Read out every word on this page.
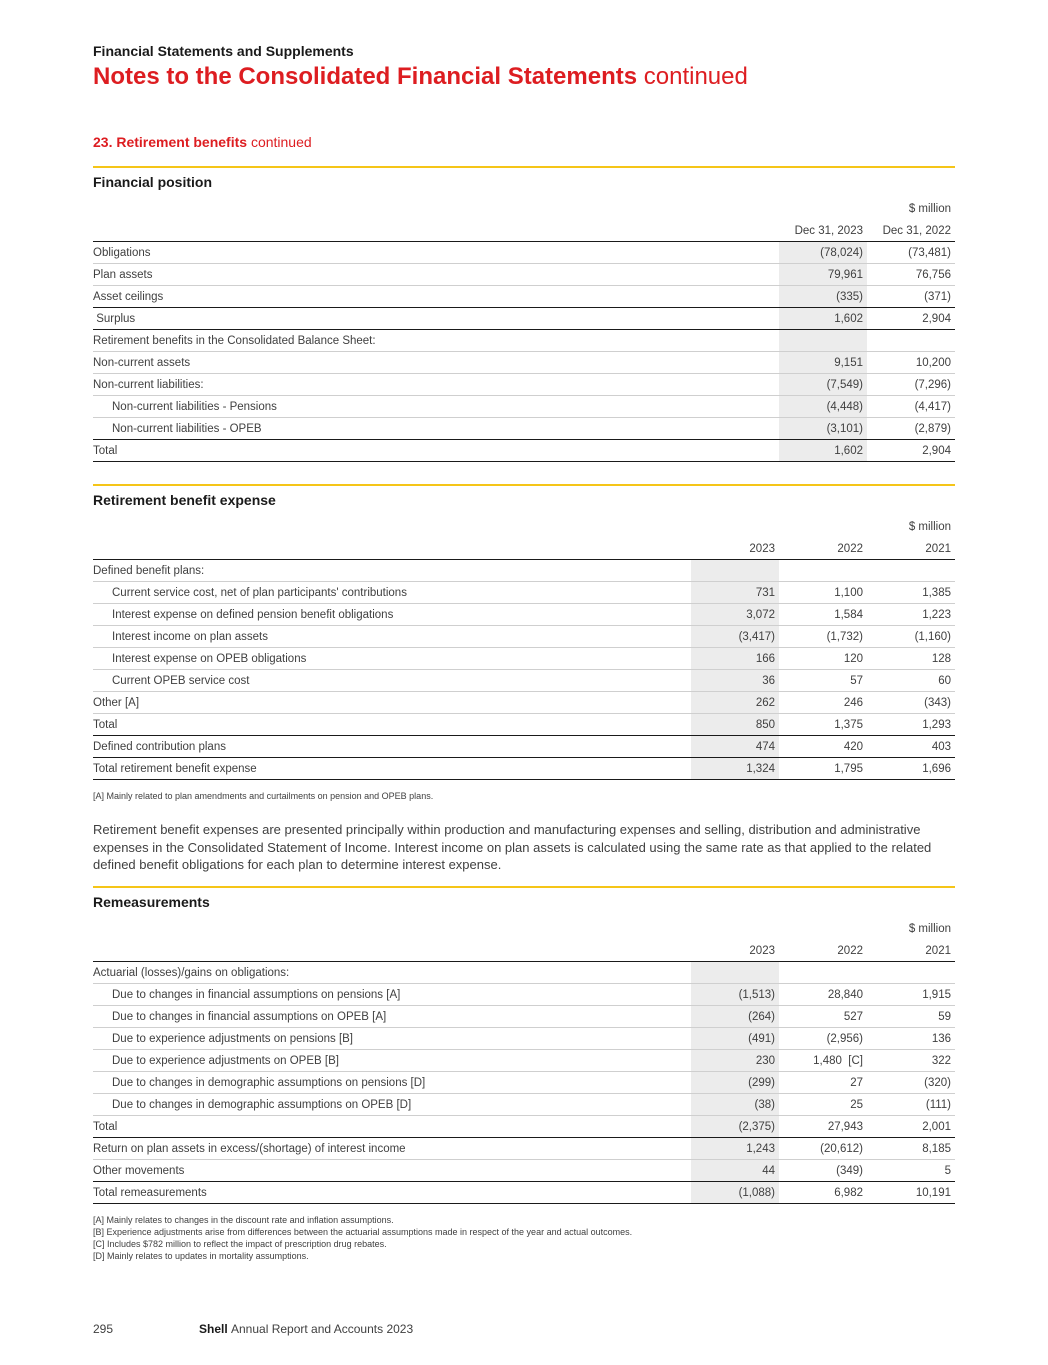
Financial Statements and Supplements
Notes to the Consolidated Financial Statements continued
23. Retirement benefits continued
Financial position
		$ million
	Dec 31, 2023	Dec 31, 2022
Obligations	(78,024)	(73,481)
Plan assets	79,961	76,756
Asset ceilings	(335)	(371)
Surplus	1,602	2,904
Retirement benefits in the Consolidated Balance Sheet:		
Non-current assets	9,151	10,200
Non-current liabilities:	(7,549)	(7,296)
Non-current liabilities - Pensions	(4,448)	(4,417)
Non-current liabilities - OPEB	(3,101)	(2,879)
Total	1,602	2,904
Retirement benefit expense
			$ million
	2023	2022	2021
Defined benefit plans:			
Current service cost, net of plan participants' contributions	731	1,100	1,385
Interest expense on defined pension benefit obligations	3,072	1,584	1,223
Interest income on plan assets	(3,417)	(1,732)	(1,160)
Interest expense on OPEB obligations	166	120	128
Current OPEB service cost	36	57	60
Other [A]	262	246	(343)
Total	850	1,375	1,293
Defined contribution plans	474	420	403
Total retirement benefit expense	1,324	1,795	1,696
[A] Mainly related to plan amendments and curtailments on pension and OPEB plans.
Retirement benefit expenses are presented principally within production and manufacturing expenses and selling, distribution and administrative expenses in the Consolidated Statement of Income. Interest income on plan assets is calculated using the same rate as that applied to the related defined benefit obligations for each plan to determine interest expense.
Remeasurements
			$ million
	2023	2022	2021
Actuarial (losses)/gains on obligations:			
Due to changes in financial assumptions on pensions [A]	(1,513)	28,840	1,915
Due to changes in financial assumptions on OPEB [A]	(264)	527	59
Due to experience adjustments on pensions [B]	(491)	(2,956)	136
Due to experience adjustments on OPEB [B]	230	1,480  [C]	322
Due to changes in demographic assumptions on pensions [D]	(299)	27	(320)
Due to changes in demographic assumptions on OPEB [D]	(38)	25	(111)
Total	(2,375)	27,943	2,001
Return on plan assets in excess/(shortage) of interest income	1,243	(20,612)	8,185
Other movements	44	(349)	5
Total remeasurements	(1,088)	6,982	10,191
[A] Mainly relates to changes in the discount rate and inflation assumptions.
[B] Experience adjustments arise from differences between the actuarial assumptions made in respect of the year and actual outcomes.
[C] Includes $782 million to reflect the impact of prescription drug rebates.
[D] Mainly relates to updates in mortality assumptions.
295	Shell Annual Report and Accounts 2023
